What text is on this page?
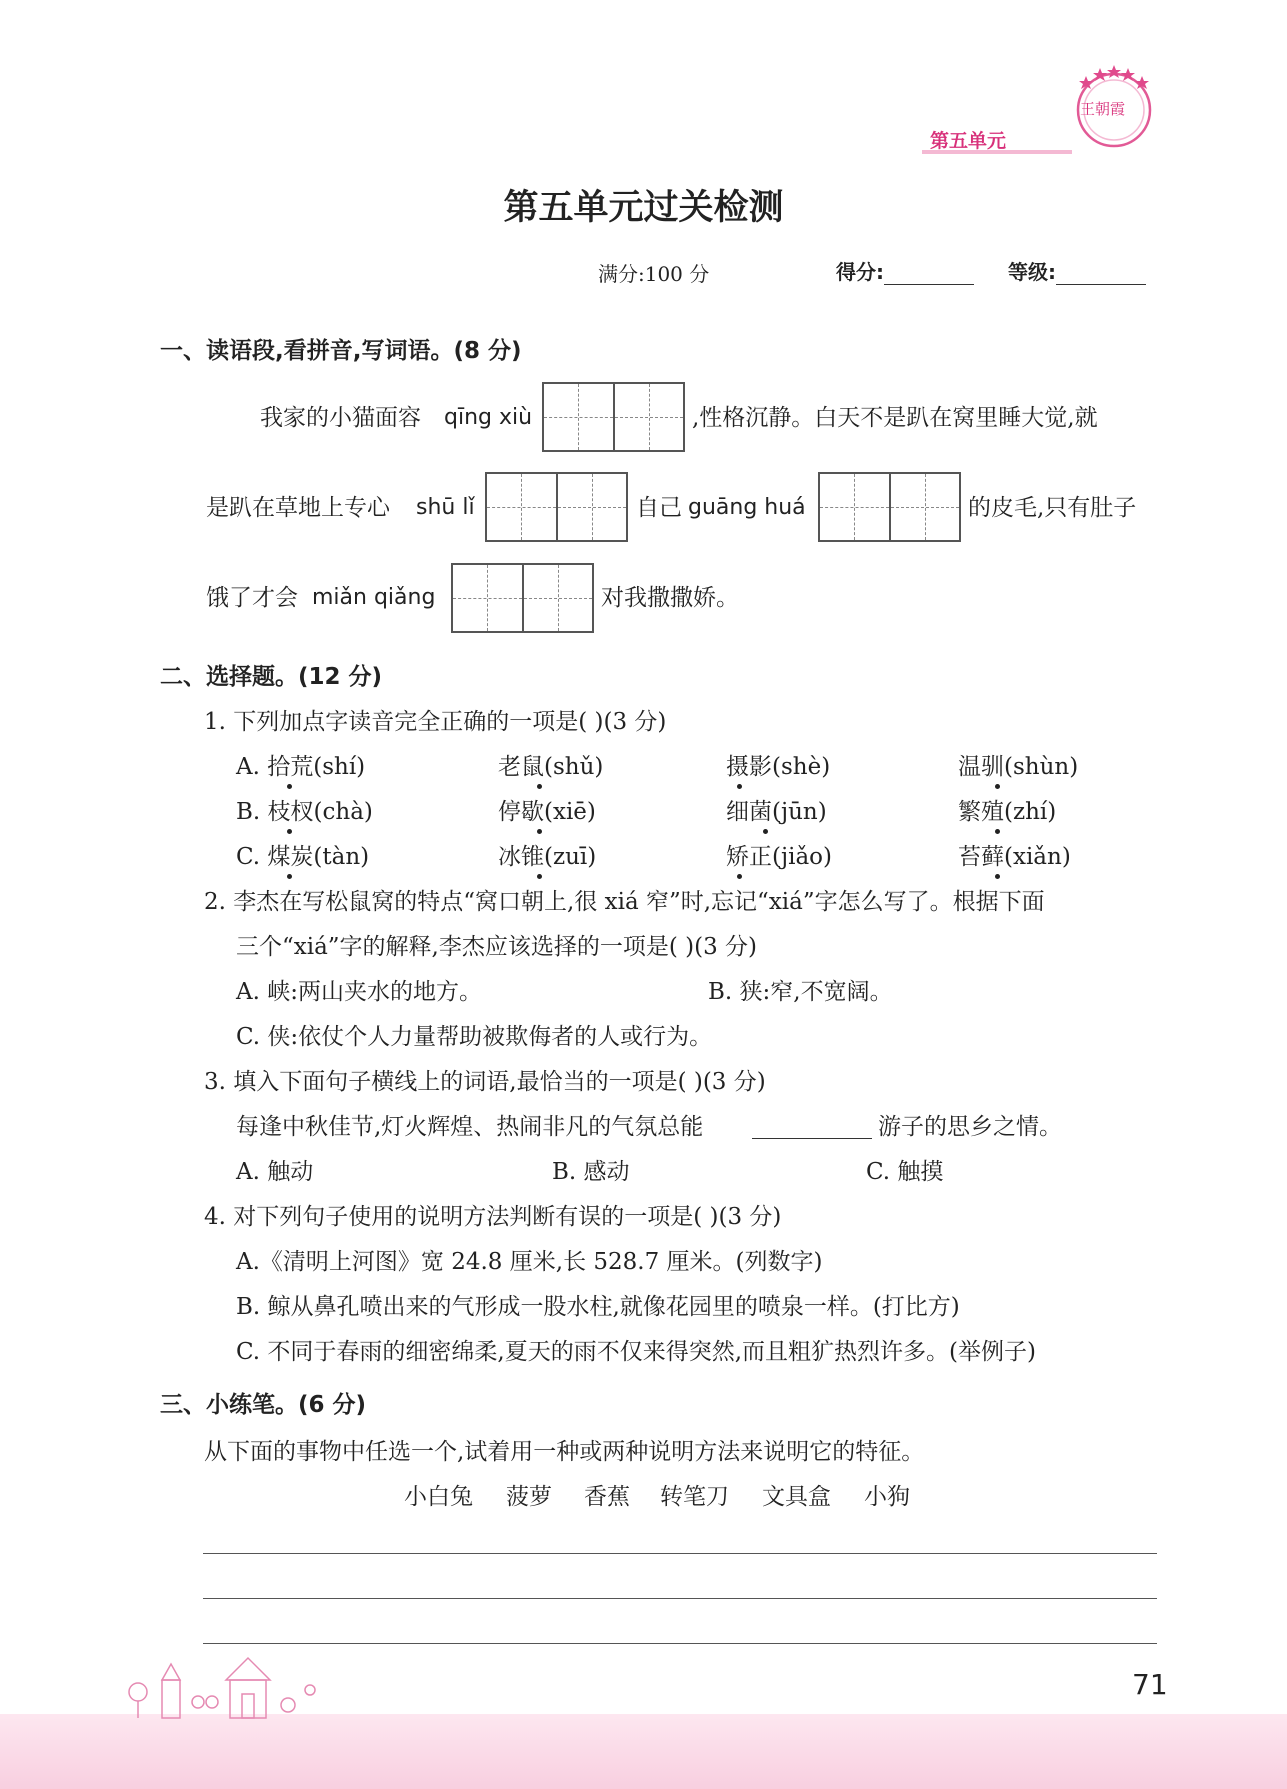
第五单元
王朝霞
第五单元过关检测
满分:100 分	得分:	等级:
一、读语段,看拼音,写词语。(8 分)
我家的小猫面容 qīng xiù	,性格沉静。白天不是趴在窝里睡大觉,就
是趴在草地上专心 shū lǐ	自己 guāng huá	的皮毛,只有肚子
饿了才会 miǎn qiǎng	对我撒撒娇。
二、选择题。(12 分)
1. 下列加点字读音完全正确的一项是( )(3 分)
A. 拾荒(shí)	老鼠(shǔ)	摄影(shè)	温驯(shùn)
B. 枝杈(chà)	停歇(xiē)	细菌(jūn)	繁殖(zhí)
C. 煤炭(tàn)	冰锥(zuī)	矫正(jiǎo)	苔藓(xiǎn)
2. 李杰在写松鼠窝的特点“窝口朝上,很 xiá 窄”时,忘记“xiá”字怎么写了。根据下面
三个“xiá”字的解释,李杰应该选择的一项是( )(3 分)
A. 峡:两山夹水的地方。	B. 狭:窄,不宽阔。
C. 侠:依仗个人力量帮助被欺侮者的人或行为。
3. 填入下面句子横线上的词语,最恰当的一项是( )(3 分)
每逢中秋佳节,灯火辉煌、热闹非凡的气氛总能	游子的思乡之情。
A. 触动	B. 感动	C. 触摸
4. 对下列句子使用的说明方法判断有误的一项是( )(3 分)
A.《清明上河图》宽 24.8 厘米,长 528.7 厘米。(列数字)
B. 鲸从鼻孔喷出来的气形成一股水柱,就像花园里的喷泉一样。(打比方)
C. 不同于春雨的细密绵柔,夏天的雨不仅来得突然,而且粗犷热烈许多。(举例子)
三、小练笔。(6 分)
从下面的事物中任选一个,试着用一种或两种说明方法来说明它的特征。
小白兔 菠萝 香蕉 转笔刀 文具盒 小狗
71
